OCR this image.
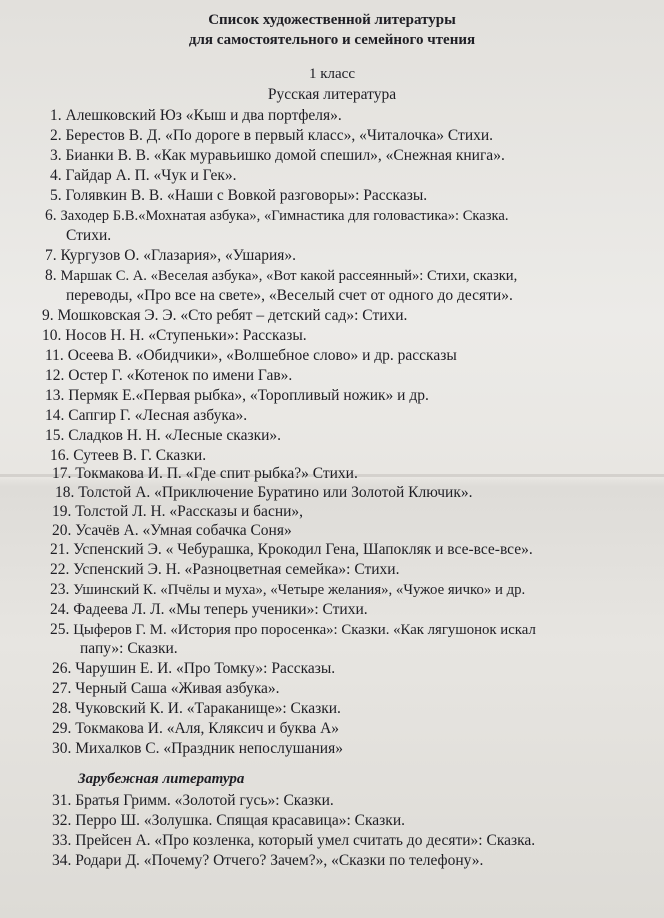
Список художественной литературы
для самостоятельного и семейного чтения
1 класс
Русская литература
1. Алешковский Юз «Кыш и два портфеля».
2. Берестов В. Д. «По дороге в первый класс», «Читалочка» Стихи.
3. Бианки В. В. «Как муравьишко домой спешил», «Снежная книга».
4. Гайдар А. П. «Чук и Гек».
5. Голявкин В. В. «Наши с Вовкой разговоры»: Рассказы.
6. Заходер Б.В.«Мохнатая азбука», «Гимнастика для головастика»: Сказка.
Стихи.
7. Кургузов О. «Глазария», «Ушария».
8. Маршак С. А. «Веселая азбука», «Вот какой рассеянный»: Стихи, сказки,
переводы, «Про все на свете», «Веселый счет от одного до десяти».
9. Мошковская Э. Э. «Сто ребят – детский сад»: Стихи.
10. Носов Н. Н. «Ступеньки»: Рассказы.
11. Осеева В. «Обидчики», «Волшебное слово» и др. рассказы
12. Остер Г. «Котенок по имени Гав».
13. Пермяк Е.«Первая рыбка», «Торопливый ножик» и др.
14. Сапгир Г. «Лесная азбука».
15. Сладков Н. Н. «Лесные сказки».
16. Сутеев В. Г. Сказки.
17. Токмакова И. П. «Где спит рыбка?» Стихи.
18. Толстой А. «Приключение Буратино или Золотой Ключик».
19. Толстой Л. Н. «Рассказы и басни»,
20. Усачёв А. «Умная собачка Соня»
21. Успенский Э. « Чебурашка, Крокодил Гена, Шапокляк и все-все-все».
22. Успенский Э. Н. «Разноцветная семейка»: Стихи.
23. Ушинский К. «Пчёлы и муха», «Четыре желания», «Чужое яичко» и др.
24. Фадеева Л. Л. «Мы теперь ученики»: Стихи.
25. Цыферов Г. М. «История про поросенка»: Сказки. «Как лягушонок искал
папу»: Сказки.
26. Чарушин Е. И. «Про Томку»: Рассказы.
27. Черный Саша «Живая азбука».
28. Чуковский К. И. «Тараканище»: Сказки.
29. Токмакова И. «Аля, Кляксич и буква А»
30. Михалков С. «Праздник непослушания»
Зарубежная литература
31. Братья Гримм. «Золотой гусь»: Сказки.
32. Перро Ш. «Золушка. Спящая красавица»: Сказки.
33. Прейсен А. «Про козленка, который умел считать до десяти»: Сказка.
34. Родари Д. «Почему? Отчего? Зачем?», «Сказки по телефону».
